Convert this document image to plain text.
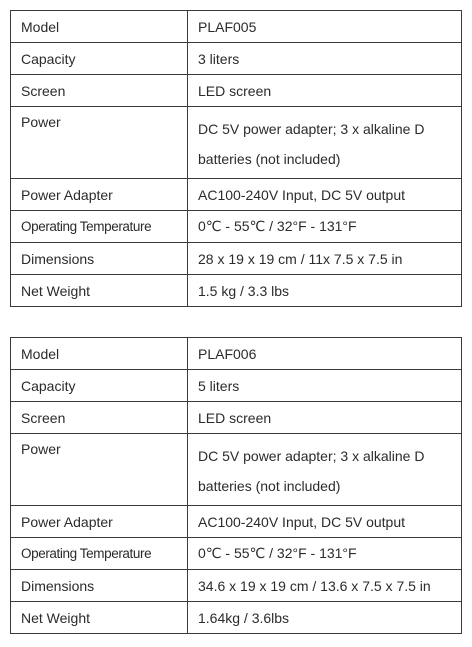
Model	PLAF005
Capacity	3 liters
Screen	LED screen
Power	DC 5V power adapter; 3 x alkaline D
batteries (not included)

Power Adapter	AC100-240V Input, DC 5V output
Operating Temperature	0℃ - 55℃ / 32°F - 131°F
Dimensions	28 x 19 x 19 cm / 11x 7.5 x 7.5 in
Net Weight	1.5 kg / 3.3 lbs
Model	PLAF006
Capacity	5 liters
Screen	LED screen
Power	DC 5V power adapter; 3 x alkaline D
batteries (not included)

Power Adapter	AC100-240V Input, DC 5V output
Operating Temperature	0℃ - 55℃ / 32°F - 131°F
Dimensions	34.6 x 19 x 19 cm / 13.6 x 7.5 x 7.5 in
Net Weight	1.64kg / 3.6lbs
